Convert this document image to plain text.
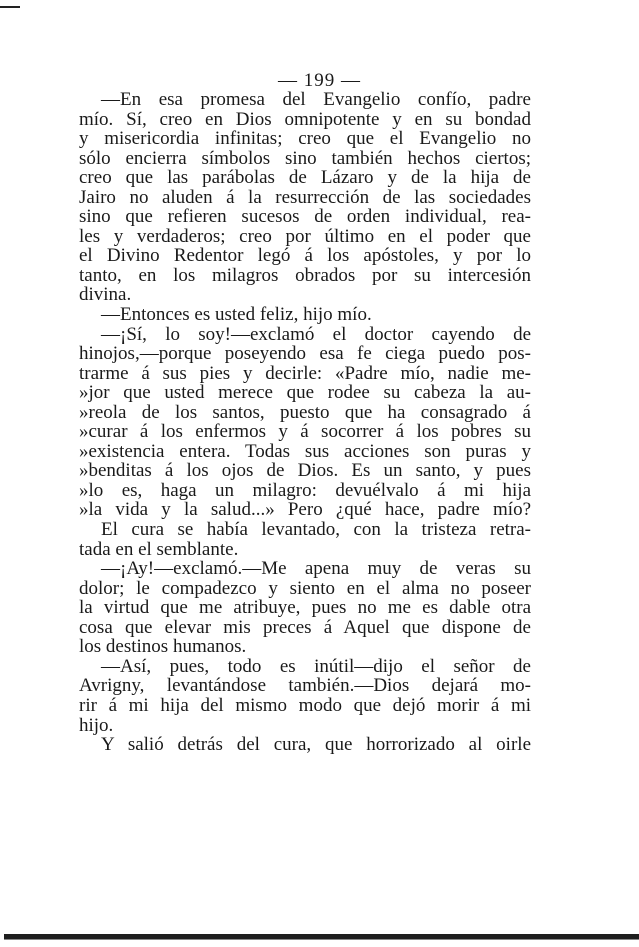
— 199 —
—En esa promesa del Evangelio confío, padre
mío. Sí, creo en Dios omnipotente y en su bondad
y misericordia infinitas; creo que el Evangelio no
sólo encierra símbolos sino también hechos ciertos;
creo que las parábolas de Lázaro y de la hija de
Jairo no aluden á la resurrección de las sociedades
sino que refieren sucesos de orden individual, rea-
les y verdaderos; creo por último en el poder que
el Divino Redentor legó á los apóstoles, y por lo
tanto, en los milagros obrados por su intercesión
divina.
—Entonces es usted feliz, hijo mío.
—¡Sí, lo soy!—exclamó el doctor cayendo de
hinojos,—porque poseyendo esa fe ciega puedo pos-
trarme á sus pies y decirle: «Padre mío, nadie me-
»jor que usted merece que rodee su cabeza la au-
»reola de los santos, puesto que ha consagrado á
»curar á los enfermos y á socorrer á los pobres su
»existencia entera. Todas sus acciones son puras y
»benditas á los ojos de Dios. Es un santo, y pues
»lo es, haga un milagro: devuélvalo á mi hija
»la vida y la salud...» Pero ¿qué hace, padre mío?
El cura se había levantado, con la tristeza retra-
tada en el semblante.
—¡Ay!—exclamó.—Me apena muy de veras su
dolor; le compadezco y siento en el alma no poseer
la virtud que me atribuye, pues no me es dable otra
cosa que elevar mis preces á Aquel que dispone de
los destinos humanos.
—Así, pues, todo es inútil—dijo el señor de
Avrigny, levantándose también.—Dios dejará mo-
rir á mi hija del mismo modo que dejó morir á mi
hijo.
Y salió detrás del cura, que horrorizado al oirle
